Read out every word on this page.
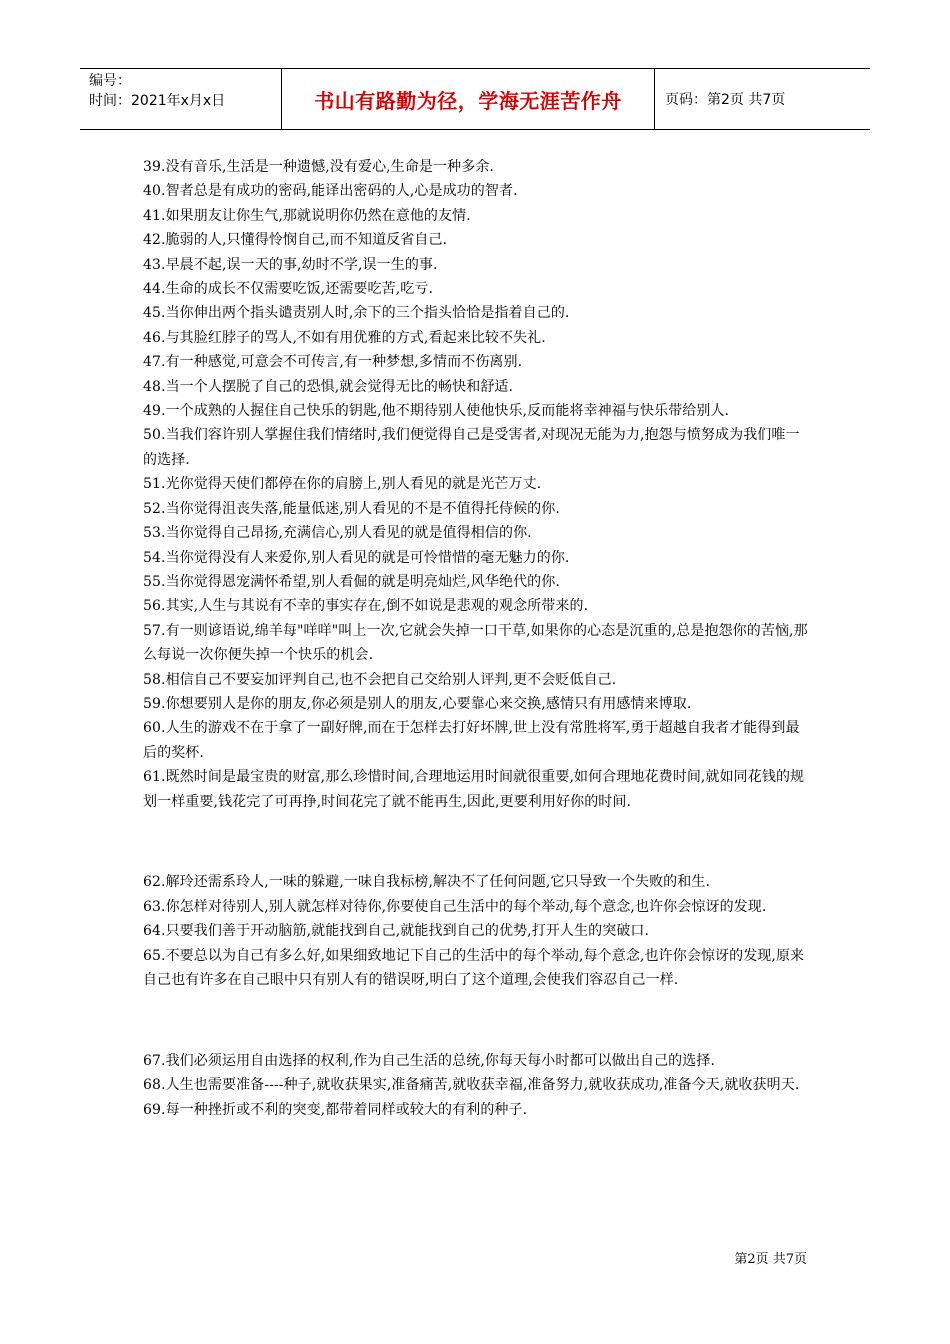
编号：
时间：2021年x月x日	书山有路勤为径，学海无涯苦作舟	页码：第2页 共7页

39.没有音乐,生活是一种遗憾,没有爱心,生命是一种多余.

40.智者总是有成功的密码,能译出密码的人,心是成功的智者.

41.如果朋友让你生气,那就说明你仍然在意他的友情.

42.脆弱的人,只懂得怜悯自己,而不知道反省自己.

43.早晨不起,误一天的事,幼时不学,误一生的事.

44.生命的成长不仅需要吃饭,还需要吃苦,吃亏.

45.当你伸出两个指头谴责别人时,余下的三个指头恰恰是指着自己的.

46.与其脸红脖子的骂人,不如有用优雅的方式,看起来比较不失礼.

47.有一种感觉,可意会不可传言,有一种梦想,多情而不伤离别.

48.当一个人摆脱了自己的恐惧,就会觉得无比的畅快和舒适.

49.一个成熟的人握住自己快乐的钥匙,他不期待别人使他快乐,反而能将幸神福与快乐带给别人.

50.当我们容许别人掌握住我们情绪时,我们便觉得自己是受害者,对现况无能为力,抱怨与愤努成为我们唯一的选择.

51.光你觉得天使们都停在你的肩膀上,别人看见的就是光芒万丈.

52.当你觉得沮丧失落,能量低迷,别人看见的不是不值得托侍候的你.

53.当你觉得自己昂扬,充满信心,别人看见的就是值得相信的你.

54.当你觉得没有人来爱你,别人看见的就是可怜惜惜的毫无魅力的你.

55.当你觉得恩宠满怀希望,别人看倔的就是明亮灿烂,风华绝代的你.

56.其实,人生与其说有不幸的事实存在,倒不如说是悲观的观念所带来的.

57.有一则谚语说,绵羊每"咩咩"叫上一次,它就会失掉一口干草,如果你的心态是沉重的,总是抱怨你的苦恼,那么每说一次你便失掉一个快乐的机会.

58.相信自己不要妄加评判自己,也不会把自己交给别人评判,更不会贬低自己.

59.你想要别人是你的朋友,你必须是别人的朋友,心要靠心来交换,感情只有用感情来博取.

60.人生的游戏不在于拿了一副好牌,而在于怎样去打好坏牌,世上没有常胜将军,勇于超越自我者才能得到最后的奖杯.

61.既然时间是最宝贵的财富,那么珍惜时间,合理地运用时间就很重要,如何合理地花费时间,就如同花钱的规划一样重要,钱花完了可再挣,时间花完了就不能再生,因此,更要利用好你的时间.

62.解玲还需系玲人,一味的躲避,一味自我标榜,解决不了任何问题,它只导致一个失败的和生.

63.你怎样对待别人,别人就怎样对待你,你要使自己生活中的每个举动,每个意念,也许你会惊讶的发现.

64.只要我们善于开动脑筋,就能找到自己,就能找到自己的优势,打开人生的突破口.

65.不要总以为自己有多么好,如果细致地记下自己的生活中的每个举动,每个意念,也许你会惊讶的发现,原来自己也有许多在自己眼中只有别人有的错误呀,明白了这个道理,会使我们容忍自己一样.

67.我们必须运用自由选择的权利,作为自己生活的总统,你每天每小时都可以做出自己的选择.

68.人生也需要准备----种子,就收获果实,准备痛苦,就收获幸福,准备努力,就收获成功,准备今天,就收获明天.

69.每一种挫折或不利的突变,都带着同样或较大的有利的种子.

第2页 共7页
